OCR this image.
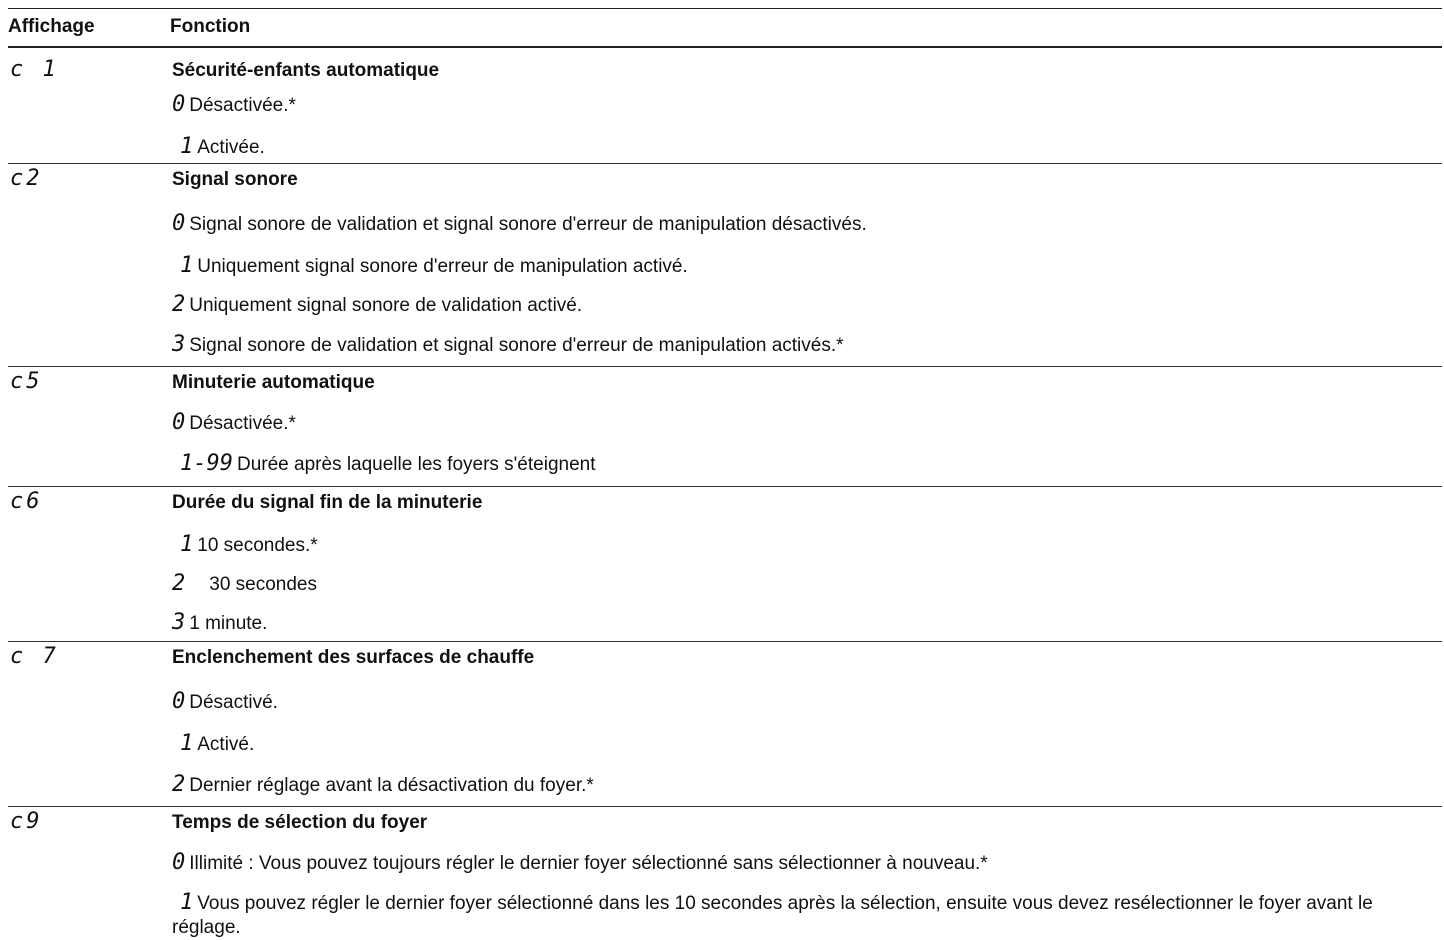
Affichage	Fonction
c 1	Sécurité-enfants automatique
0 Désactivée.*
1 Activée.
c2	Signal sonore
0 Signal sonore de validation et signal sonore d'erreur de manipulation désactivés.
1 Uniquement signal sonore d'erreur de manipulation activé.
2 Uniquement signal sonore de validation activé.
3 Signal sonore de validation et signal sonore d'erreur de manipulation activés.*
c5	Minuterie automatique
0 Désactivée.*
1-99 Durée après laquelle les foyers s'éteignent
c6	Durée du signal fin de la minuterie
1 10 secondes.*
2 30 secondes
3 1 minute.
c 7	Enclenchement des surfaces de chauffe
0 Désactivé.
1 Activé.
2 Dernier réglage avant la désactivation du foyer.*
c9	Temps de sélection du foyer
0 Illimité : Vous pouvez toujours régler le dernier foyer sélectionné sans sélectionner à nouveau.*
1 Vous pouvez régler le dernier foyer sélectionné dans les 10 secondes après la sélection, ensuite vous devez resélectionner le foyer avant le réglage.
